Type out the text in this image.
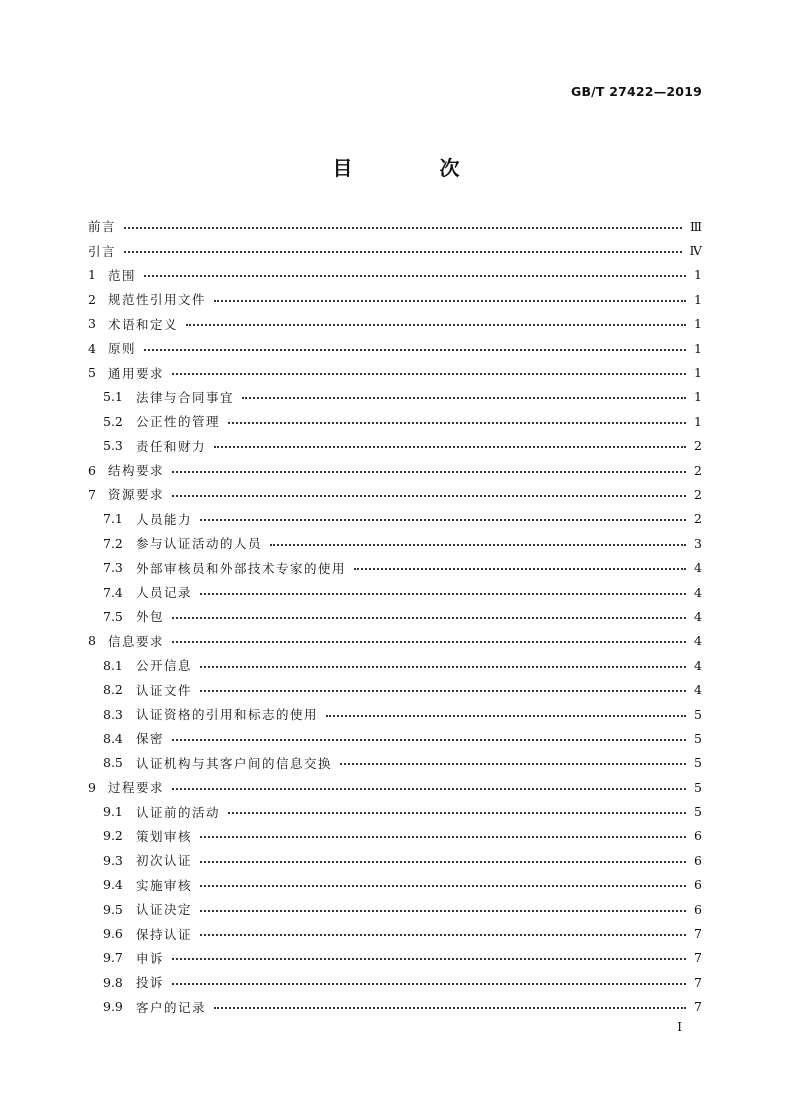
GB/T 27422—2019
目 次
前言	Ⅲ
引言	Ⅳ
1 范围	1
2 规范性引用文件	1
3 术语和定义	1
4 原则	1
5 通用要求	1
5.1	法律与合同事宜	1
5.2	公正性的管理	1
5.3	责任和财力	2
6 结构要求	2
7 资源要求	2
7.1	人员能力	2
7.2	参与认证活动的人员	3
7.3	外部审核员和外部技术专家的使用	4
7.4	人员记录	4
7.5	外包	4
8 信息要求	4
8.1	公开信息	4
8.2	认证文件	4
8.3	认证资格的引用和标志的使用	5
8.4	保密	5
8.5	认证机构与其客户间的信息交换	5
9 过程要求	5
9.1	认证前的活动	5
9.2	策划审核	6
9.3	初次认证	6
9.4	实施审核	6
9.5	认证决定	6
9.6	保持认证	7
9.7	申诉	7
9.8	投诉	7
9.9	客户的记录	7
I
